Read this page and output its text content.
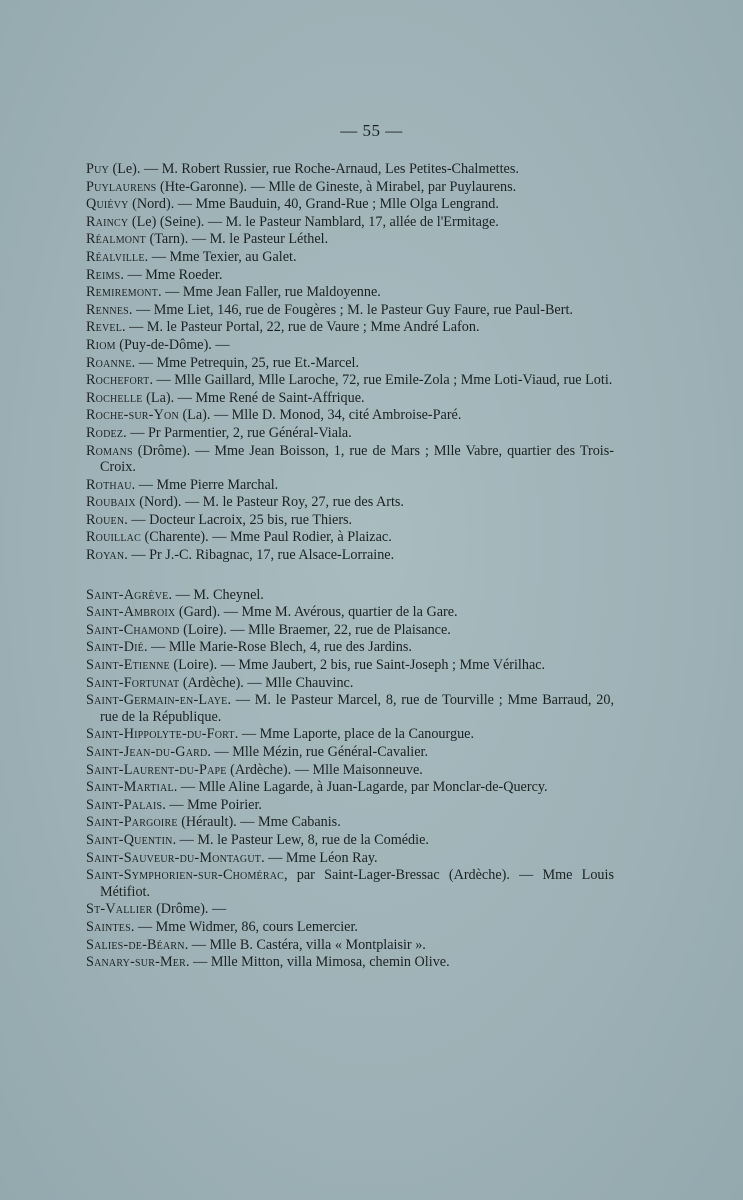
— 55 —
Puy (Le). — M. Robert Russier, rue Roche-Arnaud, Les Petites-Chalmettes.
Puylaurens (Hte-Garonne). — Mlle de Gineste, à Mirabel, par Puylaurens.
Quiévy (Nord). — Mme Bauduin, 40, Grand-Rue ; Mlle Olga Lengrand.
Raincy (Le) (Seine). — M. le Pasteur Namblard, 17, allée de l'Ermitage.
Réalmont (Tarn). — M. le Pasteur Léthel.
Réalville. — Mme Texier, au Galet.
Reims. — Mme Roeder.
Remiremont. — Mme Jean Faller, rue Maldoyenne.
Rennes. — Mme Liet, 146, rue de Fougères ; M. le Pasteur Guy Faure, rue Paul-Bert.
Revel. — M. le Pasteur Portal, 22, rue de Vaure ; Mme André Lafon.
Riom (Puy-de-Dôme). —
Roanne. — Mme Petrequin, 25, rue Et.-Marcel.
Rochefort. — Mlle Gaillard, Mlle Laroche, 72, rue Emile-Zola ; Mme Loti-Viaud, rue Loti.
Rochelle (La). — Mme René de Saint-Affrique.
Roche-sur-Yon (La). — Mlle D. Monod, 34, cité Ambroise-Paré.
Rodez. — Pr Parmentier, 2, rue Général-Viala.
Romans (Drôme). — Mme Jean Boisson, 1, rue de Mars ; Mlle Vabre, quartier des Trois-Croix.
Rothau. — Mme Pierre Marchal.
Roubaix (Nord). — M. le Pasteur Roy, 27, rue des Arts.
Rouen. — Docteur Lacroix, 25 bis, rue Thiers.
Rouillac (Charente). — Mme Paul Rodier, à Plaizac.
Royan. — Pr J.-C. Ribagnac, 17, rue Alsace-Lorraine.
Saint-Agrève. — M. Cheynel.
Saint-Ambroix (Gard). — Mme M. Avérous, quartier de la Gare.
Saint-Chamond (Loire). — Mlle Braemer, 22, rue de Plaisance.
Saint-Dié. — Mlle Marie-Rose Blech, 4, rue des Jardins.
Saint-Etienne (Loire). — Mme Jaubert, 2 bis, rue Saint-Joseph ; Mme Vérilhac.
Saint-Fortunat (Ardèche). — Mlle Chauvinc.
Saint-Germain-en-Laye. — M. le Pasteur Marcel, 8, rue de Tourville ; Mme Barraud, 20, rue de la République.
Saint-Hippolyte-du-Fort. — Mme Laporte, place de la Canourgue.
Saint-Jean-du-Gard. — Mlle Mézin, rue Général-Cavalier.
Saint-Laurent-du-Pape (Ardèche). — Mlle Maisonneuve.
Saint-Martial. — Mlle Aline Lagarde, à Juan-Lagarde, par Monclar-de-Quercy.
Saint-Palais. — Mme Poirier.
Saint-Pargoire (Hérault). — Mme Cabanis.
Saint-Quentin. — M. le Pasteur Lew, 8, rue de la Comédie.
Saint-Sauveur-du-Montagut. — Mme Léon Ray.
Saint-Symphorien-sur-Chomérac, par Saint-Lager-Bressac (Ardèche). — Mme Louis Métifiot.
St-Vallier (Drôme). —
Saintes. — Mme Widmer, 86, cours Lemercier.
Salies-de-Béarn. — Mlle B. Castéra, villa « Montplaisir ».
Sanary-sur-Mer. — Mlle Mitton, villa Mimosa, chemin Olive.
